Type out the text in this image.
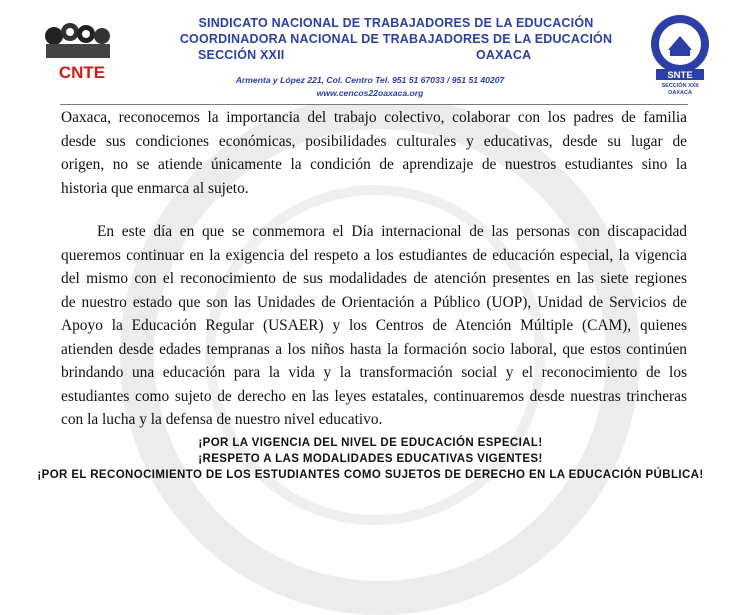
CNTE
SINDICATO NACIONAL DE TRABAJADORES DE LA EDUCACIÓN
COORDINADORA NACIONAL DE TRABAJADORES DE LA EDUCACIÓN
SECCIÓN XXII	OAXACA
Armenta y López 221, Col. Centro Tel. 951 51 67033 / 951 51 40207
www.cencos22oaxaca.org
SNTE
SECCIÓN XXII
OAXACA
Oaxaca, reconocemos la importancia del trabajo colectivo, colaborar con los padres de familia
desde sus condiciones económicas, posibilidades culturales y educativas, desde su lugar de
origen, no se atiende únicamente la condición de aprendizaje de nuestros estudiantes sino la
historia que enmarca al sujeto.
En este día en que se conmemora el Día internacional de las personas con discapacidad
queremos continuar en la exigencia del respeto a los estudiantes de educación especial, la vigencia
del mismo con el reconocimiento de sus modalidades de atención presentes en las siete regiones
de nuestro estado que son las Unidades de Orientación a Público (UOP), Unidad de Servicios de
Apoyo la Educación Regular (USAER) y los Centros de Atención Múltiple (CAM), quienes
atienden desde edades tempranas a los niños hasta la formación socio laboral, que estos continúen
brindando una educación para la vida y la transformación social y el reconocimiento de los
estudiantes como sujeto de derecho en las leyes estatales, continuaremos desde nuestras trincheras
con la lucha y la defensa de nuestro nivel educativo.
¡POR LA VIGENCIA DEL NIVEL DE EDUCACIÓN ESPECIAL!
¡RESPETO A LAS MODALIDADES EDUCATIVAS VIGENTES!
¡POR EL RECONOCIMIENTO DE LOS ESTUDIANTES COMO SUJETOS DE DERECHO EN LA EDUCACIÓN PÚBLICA!
